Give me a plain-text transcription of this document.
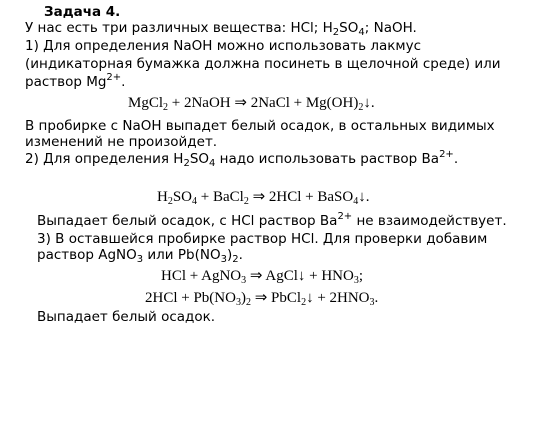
Задача 4.
У нас есть три различных вещества: HCl; $H_2SO_4$; NaOH.
1) Для определения NaOH можно использовать лакмус
(индикаторная бумажка должна посинеть в щелочной среде) или
раствор $Mg^{2+}$.
MgCl$_2$ + 2NaOH ⇒ 2NaCl + $Mg(OH)_2↓$.
В пробирке с NaOH выпадет белый осадок, в остальных видимых
изменений не произойдет.
2) Для определения $H_2SO_4$ надо использовать раствор $Ba^{2+}$.
$H_2SO_4$ + BaCl$_2$ ⇒ 2HCl + BaSO$_4$↓.
Выпадает белый осадок, с HCl раствор $Ba^{2+}$ не взаимодействует.
3) В оставшейся пробирке раствор HCl. Для проверки добавим
раствор AgNO$_3$ или $Pb(NO_3)_2$.
HCl + AgNO$_3$ ⇒ AgCl↓ + $HNO_3$;
$2HCl + Pb(NO_3)_2$ ⇒ PbCl$_2$↓ + $2HNO_3$.
Выпадает белый осадок.
